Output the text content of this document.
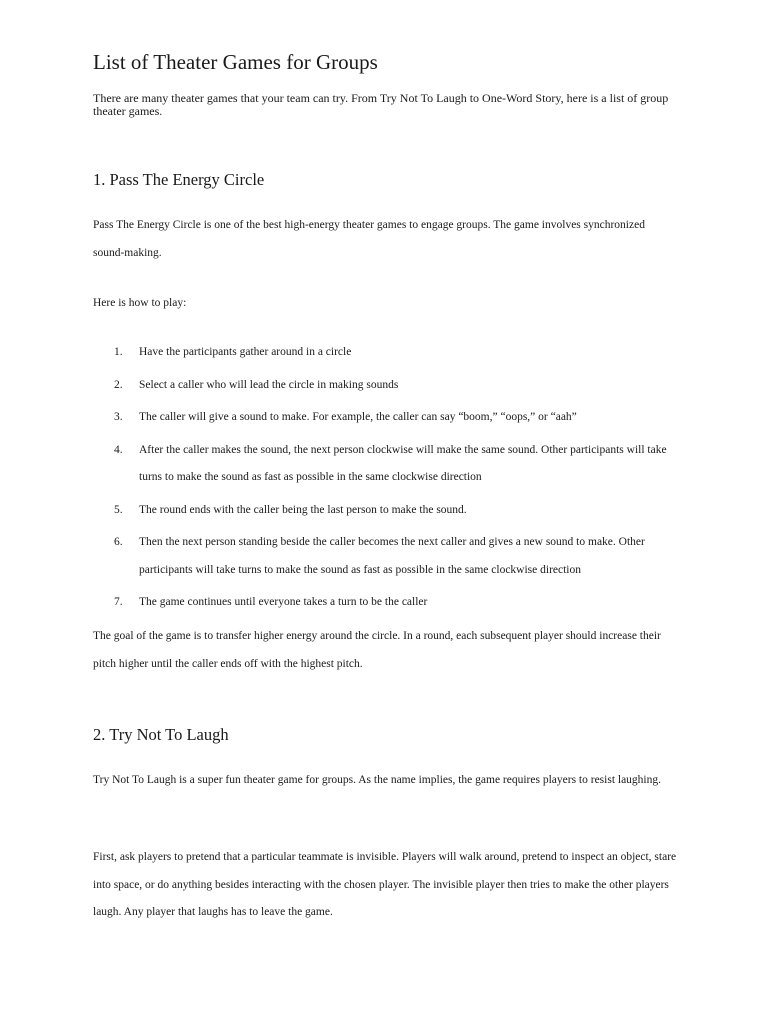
List of Theater Games for Groups

There are many theater games that your team can try. From Try Not To Laugh to One-Word Story, here is a list of group theater games.

1. Pass The Energy Circle

Pass The Energy Circle is one of the best high-energy theater games to engage groups. The game involves synchronized sound-making.

Here is how to play:

1.	Have the participants gather around in a circle
2.	Select a caller who will lead the circle in making sounds
3.	The caller will give a sound to make. For example, the caller can say “boom,” “oops,” or “aah”
4.	After the caller makes the sound, the next person clockwise will make the same sound. Other participants will take turns to make the sound as fast as possible in the same clockwise direction
5.	The round ends with the caller being the last person to make the sound.
6.	Then the next person standing beside the caller becomes the next caller and gives a new sound to make. Other participants will take turns to make the sound as fast as possible in the same clockwise direction
7.	The game continues until everyone takes a turn to be the caller

The goal of the game is to transfer higher energy around the circle. In a round, each subsequent player should increase their pitch higher until the caller ends off with the highest pitch.

2. Try Not To Laugh

Try Not To Laugh is a super fun theater game for groups. As the name implies, the game requires players to resist laughing.

First, ask players to pretend that a particular teammate is invisible. Players will walk around, pretend to inspect an object, stare into space, or do anything besides interacting with the chosen player. The invisible player then tries to make the other players laugh. Any player that laughs has to leave the game.
